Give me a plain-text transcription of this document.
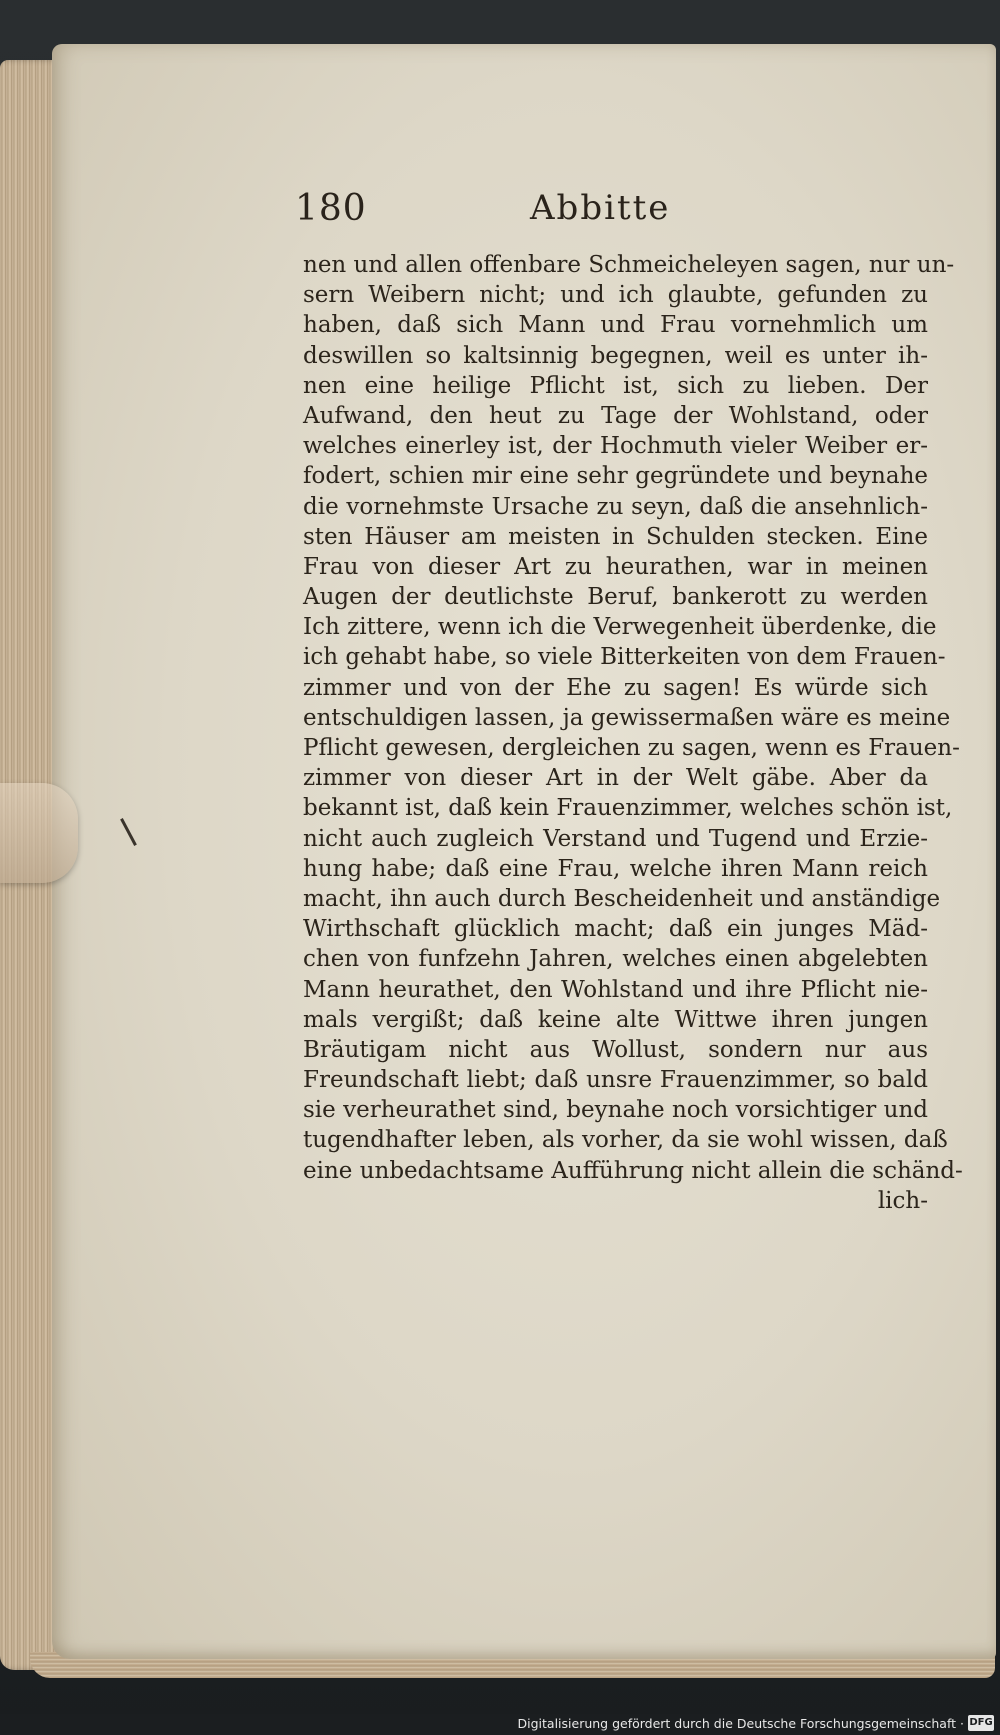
180	Abbitte
nen und allen offenbare Schmeicheleyen sagen, nur un-
sern Weibern nicht; und ich glaubte, gefunden zu
haben, daß sich Mann und Frau vornehmlich um
deswillen so kaltsinnig begegnen, weil es unter ih-
nen eine heilige Pflicht ist, sich zu lieben. Der
Aufwand, den heut zu Tage der Wohlstand, oder
welches einerley ist, der Hochmuth vieler Weiber er-
fodert, schien mir eine sehr gegründete und beynahe
die vornehmste Ursache zu seyn, daß die ansehnlich-
sten Häuser am meisten in Schulden stecken. Eine
Frau von dieser Art zu heurathen, war in meinen
Augen der deutlichste Beruf, bankerott zu werden
Ich zittere, wenn ich die Verwegenheit überdenke, die
ich gehabt habe, so viele Bitterkeiten von dem Frauen-
zimmer und von der Ehe zu sagen! Es würde sich
entschuldigen lassen, ja gewissermaßen wäre es meine
Pflicht gewesen, dergleichen zu sagen, wenn es Frauen-
zimmer von dieser Art in der Welt gäbe. Aber da
bekannt ist, daß kein Frauenzimmer, welches schön ist,
nicht auch zugleich Verstand und Tugend und Erzie-
hung habe; daß eine Frau, welche ihren Mann reich
macht, ihn auch durch Bescheidenheit und anständige
Wirthschaft glücklich macht; daß ein junges Mäd-
chen von funfzehn Jahren, welches einen abgelebten
Mann heurathet, den Wohlstand und ihre Pflicht nie-
mals vergißt; daß keine alte Wittwe ihren jungen
Bräutigam nicht aus Wollust, sondern nur aus
Freundschaft liebt; daß unsre Frauenzimmer, so bald
sie verheurathet sind, beynahe noch vorsichtiger und
tugendhafter leben, als vorher, da sie wohl wissen, daß
eine unbedachtsame Aufführung nicht allein die schänd-
lich-
Digitalisierung gefördert durch die Deutsche Forschungsgemeinschaft · DFG
